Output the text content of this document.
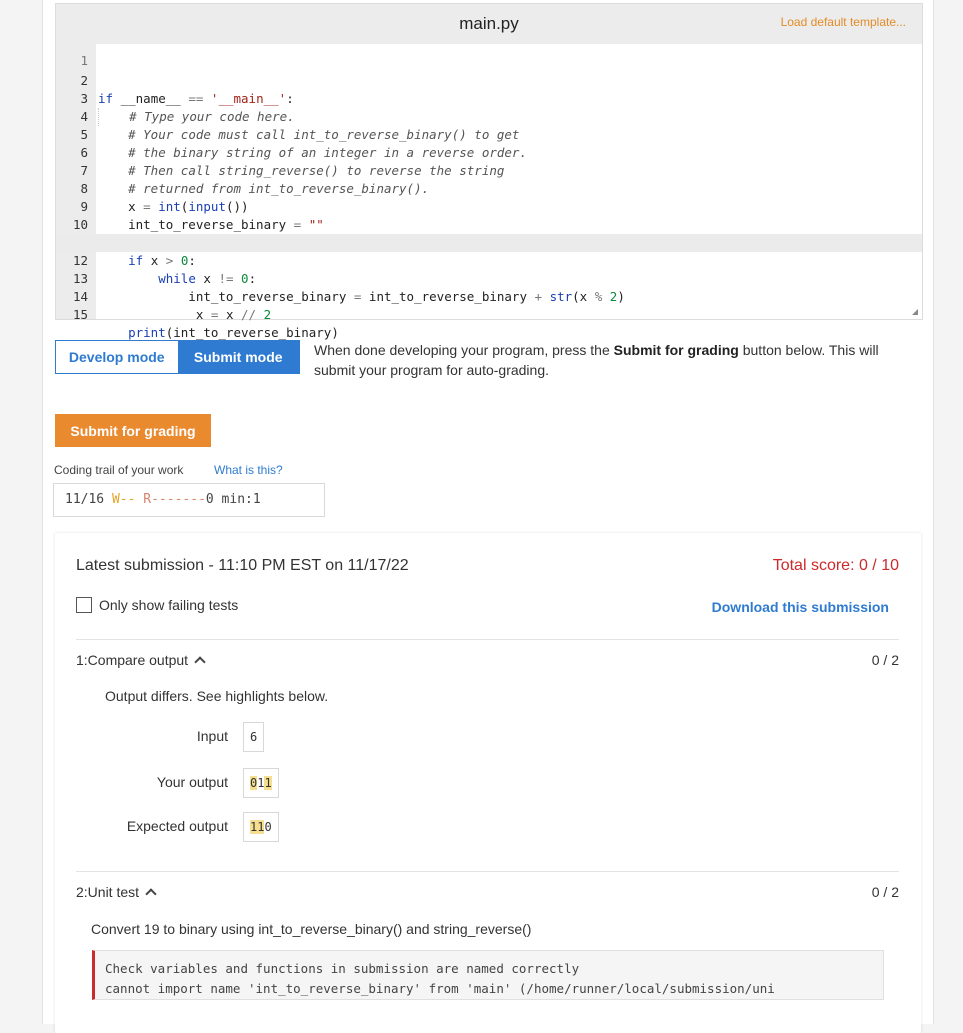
main.py	Load default template...

1

2

if __name__ == '__main__':

3

# Type your code here.

4

# Your code must call int_to_reverse_binary() to get

5

# the binary string of an integer in a reverse order.

6

# Then call string_reverse() to reverse the string

7

# returned from int_to_reverse_binary().

8

x = int(input())

9

int_to_reverse_binary = ""

10

if x > 0:

12

while x != 0:

13

int_to_reverse_binary = int_to_reverse_binary + str(x % 2)

14

x = x // 2

15

print(int_to_reverse_binary)

Develop mode	Submit mode	When done developing your program, press the Submit for grading button below. This will submit your program for auto-grading.
Submit for grading
Coding trail of your work	What is this?
11/16 W-- R-------0 min:1
Latest submission - 11:10 PM EST on 11/17/22	Total score: 0 / 10
Only show failing tests	Download this submission
1:Compare output	0 / 2
Output differs. See highlights below.
Input	6
Your output	011
Expected output	110
2:Unit test	0 / 2
Convert 19 to binary using int_to_reverse_binary() and string_reverse()
Check variables and functions in submission are named correctly
cannot import name 'int_to_reverse_binary' from 'main' (/home/runner/local/submission/uni
